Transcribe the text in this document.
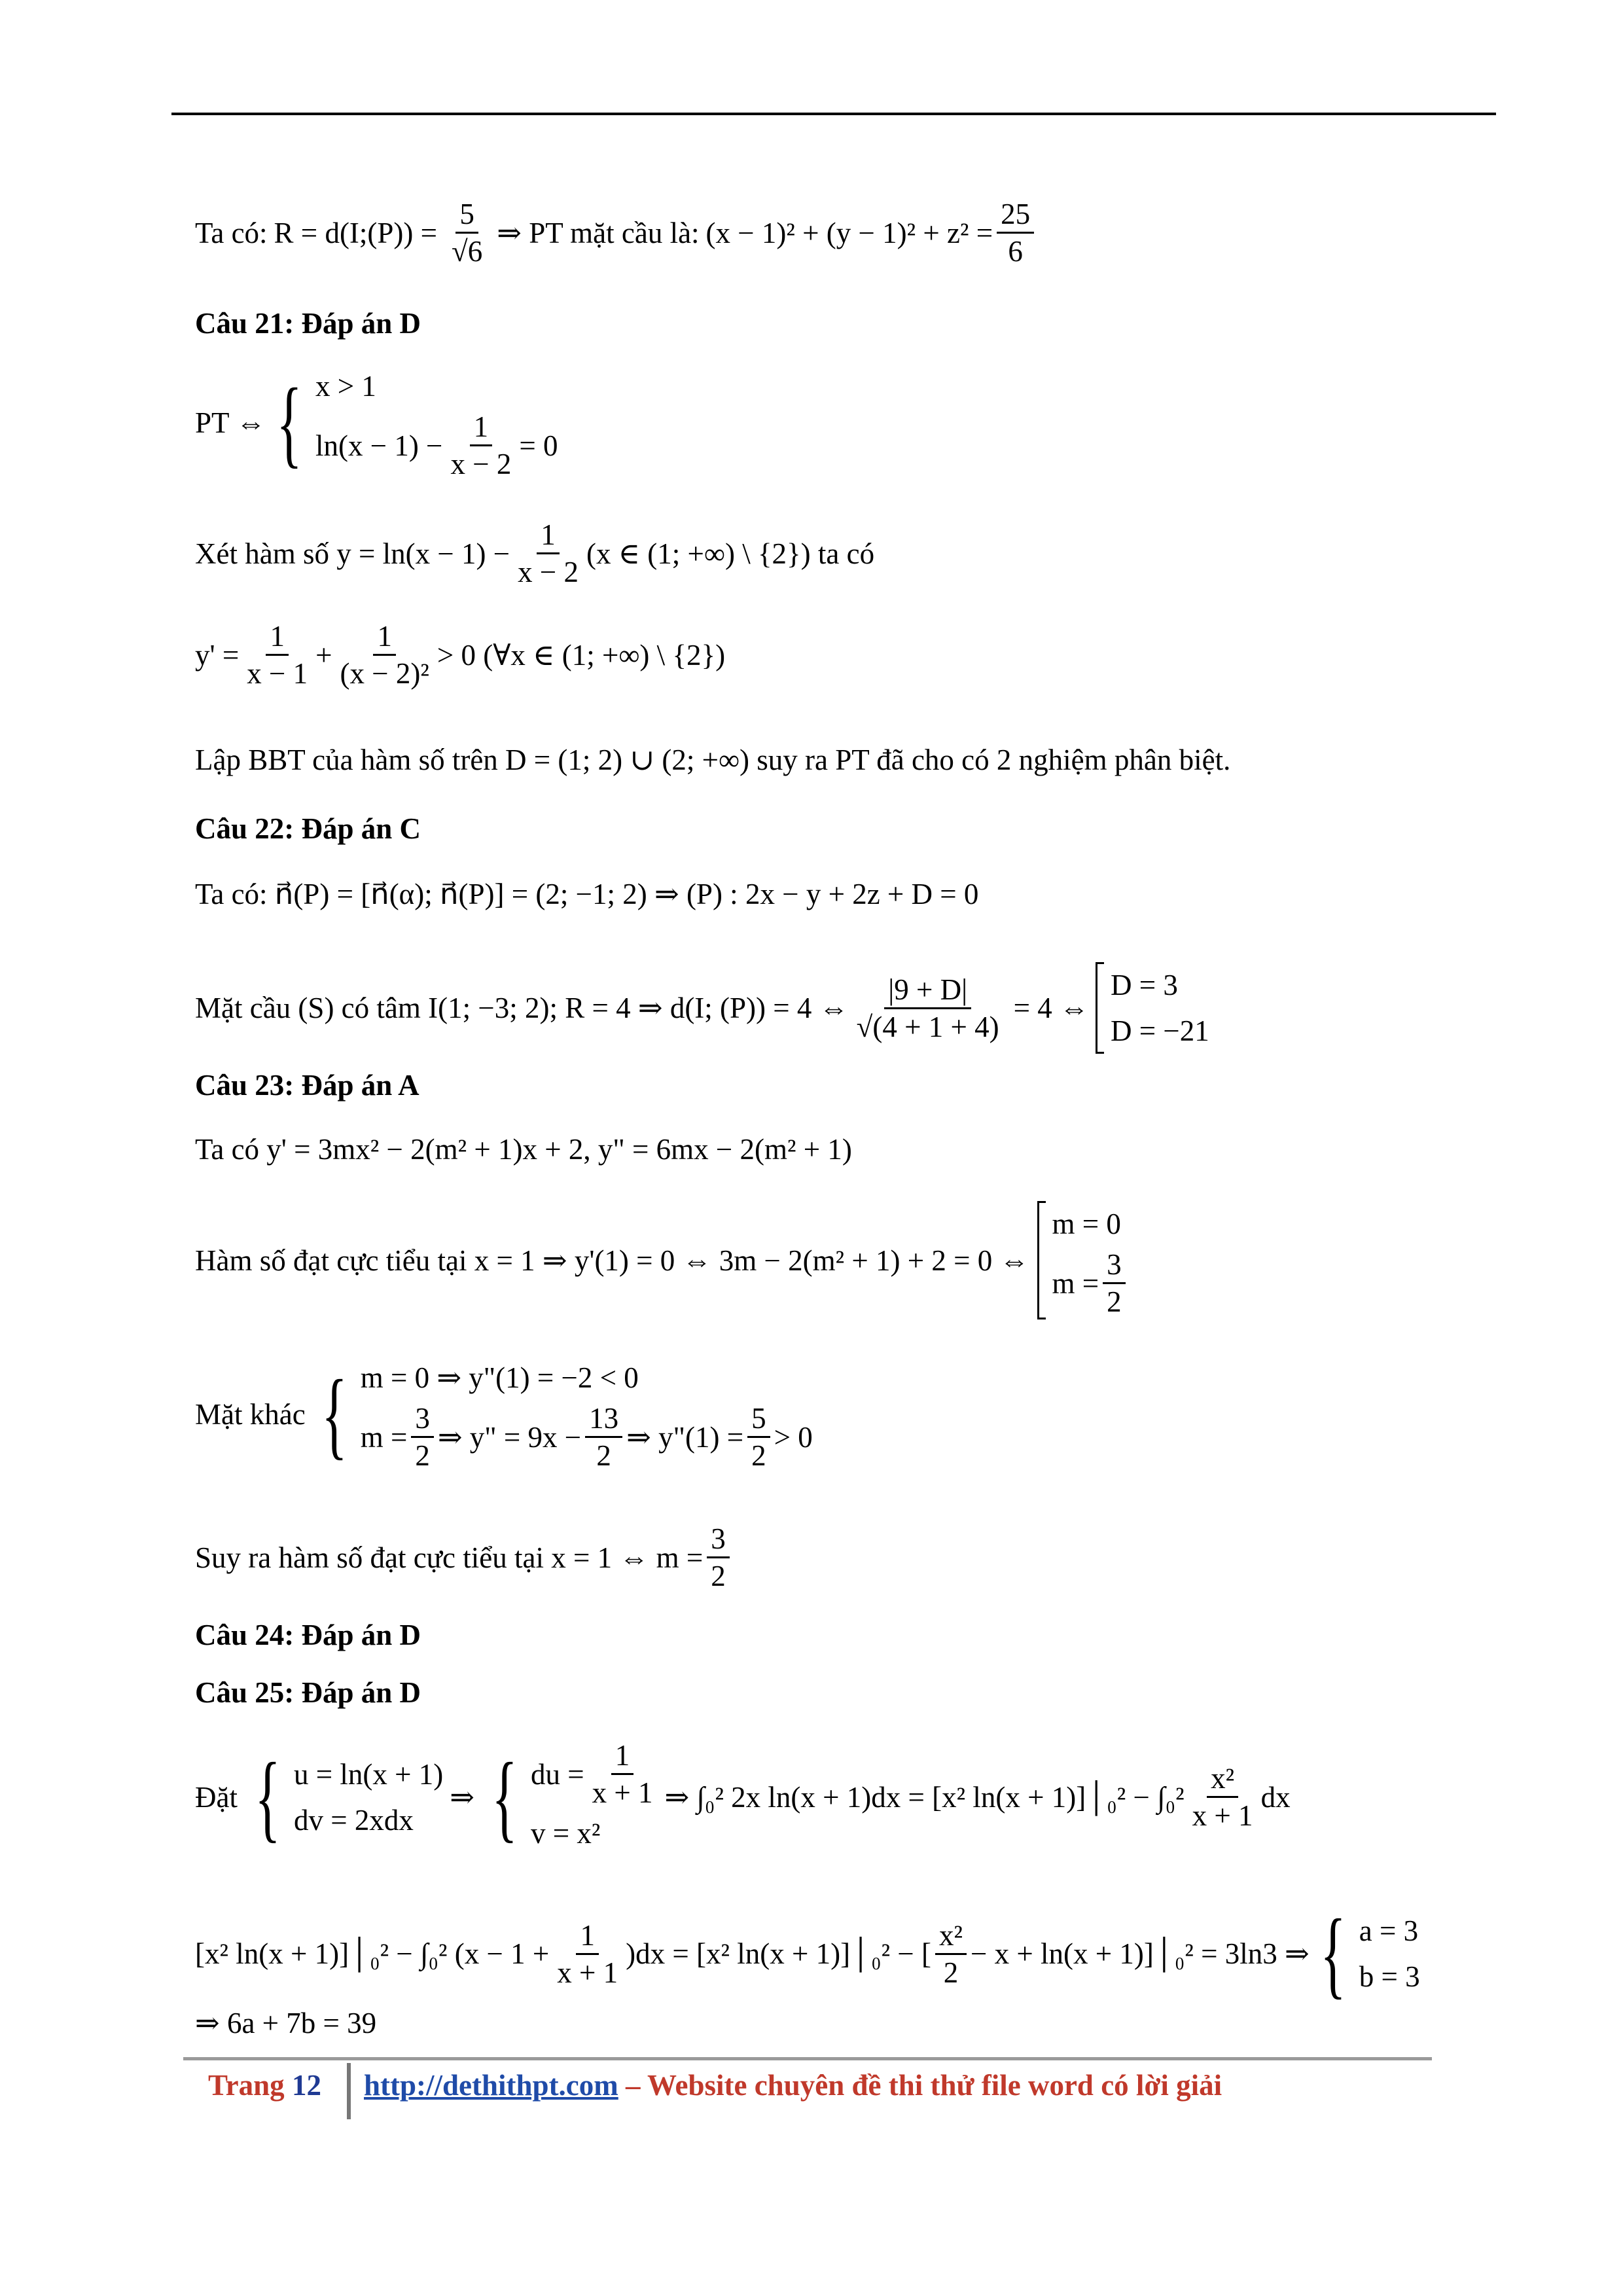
Ta có: R = d(I;(P)) = $\frac{5}{√6}$ ⇒ PT mặt cầu là: $(x - 1)^2 + (y - 1)^2 + z^2 = \frac{25}{6}$
Câu 21: Đáp án D
PT ⇔ { x > 1
$\ln(x - 1) - \frac{1}{x - 2} = 0$
Xét hàm số $y = \ln(x - 1) - \frac{1}{x - 2} (x$ ∈ (1; +∞) \ {2}) ta có
$y' = \frac{1}{x - 1} + \frac{1}{\text{(x − 2)²}} > 0$ (∀x ∈ (1; +∞) \ {2})
Lập BBT của hàm số trên D = (1; 2) ∪ (2; +∞) suy ra PT đã cho có 2 nghiệm phân biệt.
Câu 22: Đáp án C
Ta có: n⃗(P) = [n⃗(α); n⃗(P)] = (2; −1; 2) ⇒ (P) : 2x − y + 2z + D = 0
Mặt cầu (S) có tâm I(1; −3; 2); R = 4 ⇒ d(I; (P)) = 4 ⇔ $\frac{|9 + D|}{√(4 + 1 + 4)} = 4$ ⇔
D = 3
D = −21
Câu 23: Đáp án A
Ta có y' = 3mx² − 2(m² + 1)x + 2, y" = 6mx − 2(m² + 1)
Hàm số đạt cực tiểu tại x = 1 ⇒ y'(1) = 0 ⇔ 3m − 2(m² + 1) + 2 = 0 ⇔
m = 0
$m = \frac{3}{2}$
Mặt khác { m = 0 ⇒ y"(1) = −2 < 0
$m = \frac{3}{2}$ ⇒ y" = $9x - \frac{13}{2}$ ⇒ y"(1) = $\frac{5}{2} > 0$
Suy ra hàm số đạt cực tiểu tại x = 1 ⇔ $m = \frac{3}{2}$
Câu 24: Đáp án D
Câu 25: Đáp án D
Đặt { u = ln(x + 1)
dv = 2xdx
⇒ { du = $\frac{1}{x + 1}$
v = x²
⇒ ∫₀² 2x ln(x + 1)dx = [x² ln(x + 1)]│₀² − $\int_0^2 \frac{\text{x²}}{x + 1}$ dx
[x² ln(x + 1)]│₀² − ∫₀² $(x - 1 + \frac{1}{x + 1} )dx = [x^2$ ln(x + 1)]│₀² − [ $\frac{\text{x²}}{2} - x + \ln(x$ + 1)]│₀² = 3ln3 ⇒ { a = 3
b = 3
⇒ 6a + 7b = 39
Trang 12 http://dethithpt.com – Website chuyên đề thi thử file word có lời giải
